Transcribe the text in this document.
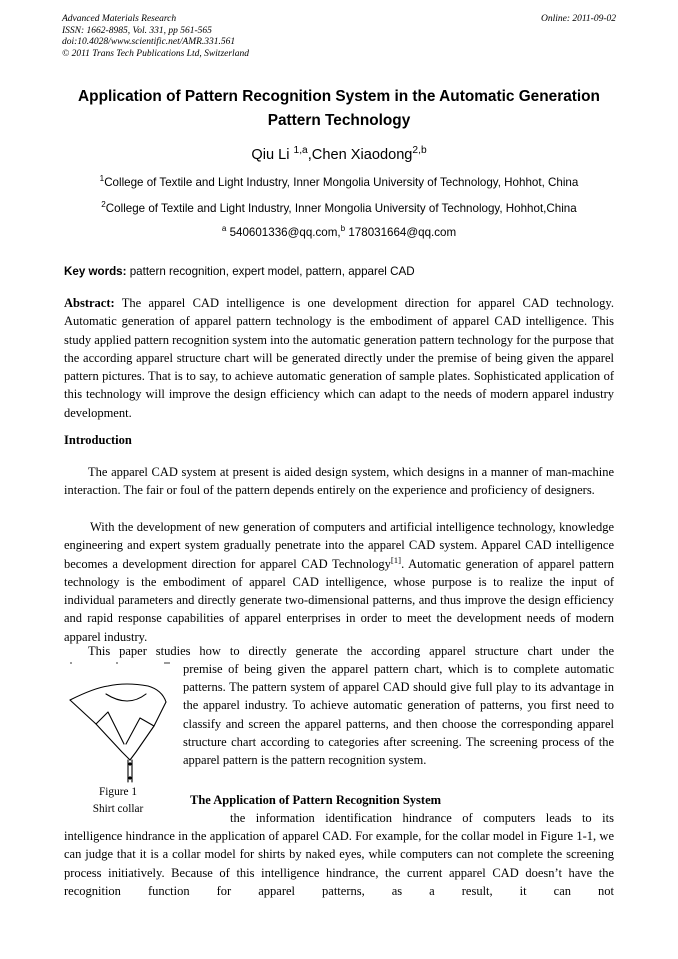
Advanced Materials Research
ISSN: 1662-8985, Vol. 331, pp 561-565
doi:10.4028/www.scientific.net/AMR.331.561
© 2011 Trans Tech Publications Ltd, Switzerland
Online: 2011-09-02
Application of Pattern Recognition System in the Automatic Generation Pattern Technology
Qiu Li $^{1,a}$,Chen Xiaodong$^{2,b}$
$^1$College of Textile and Light Industry, Inner Mongolia University of Technology, Hohhot, China
$^2$College of Textile and Light Industry, Inner Mongolia University of Technology, Hohhot,China
$^a$ 540601336@qq.com,$^b$ 178031664@qq.com
Key words: pattern recognition, expert model, pattern, apparel CAD

Abstract: The apparel CAD intelligence is one development direction for apparel CAD technology. Automatic generation of apparel pattern technology is the embodiment of apparel CAD intelligence. This study applied pattern recognition system into the automatic generation pattern technology for the purpose that the according apparel structure chart will be generated directly under the premise of being given the apparel pattern pictures. That is to say, to achieve automatic generation of sample plates. Sophisticated application of this technology will improve the design efficiency which can adapt to the needs of modern apparel industry development.

Introduction

The apparel CAD system at present is aided design system, which designs in a manner of man-machine interaction. The fair or foul of the pattern depends entirely on the experience and proficiency of designers.

With the development of new generation of computers and artificial intelligence technology, knowledge engineering and expert system gradually penetrate into the apparel CAD system. Apparel CAD intelligence becomes a development direction for apparel CAD Technology[1]. Automatic generation of apparel pattern technology is the embodiment of apparel CAD intelligence, whose purpose is to realize the input of individual parameters and directly generate two-dimensional patterns, and thus improve the design efficiency and rapid response capabilities of apparel enterprises in order to meet the development needs of modern apparel industry.

This paper studies how to directly generate the according apparel structure chart under the

premise of being given the apparel pattern chart, which is to complete automatic patterns. The pattern system of apparel CAD should give full play to its advantage in the apparel industry. To achieve automatic generation of patterns, you first need to classify and screen the apparel patterns, and then choose the corresponding apparel structure chart according to categories after screening. The screening process of the apparel pattern is the pattern recognition system.

Figure 1
Shirt collar
The Application of Pattern Recognition System

the information identification hindrance of computers leads to its

intelligence hindrance in the application of apparel CAD. For example, for the collar model in Figure 1-1, we can judge that it is a collar model for shirts by naked eyes, while computers can not complete the screening process initiatively. Because of this intelligence hindrance, the current apparel CAD doesn’t have the recognition function for apparel patterns, as a result, it can not
